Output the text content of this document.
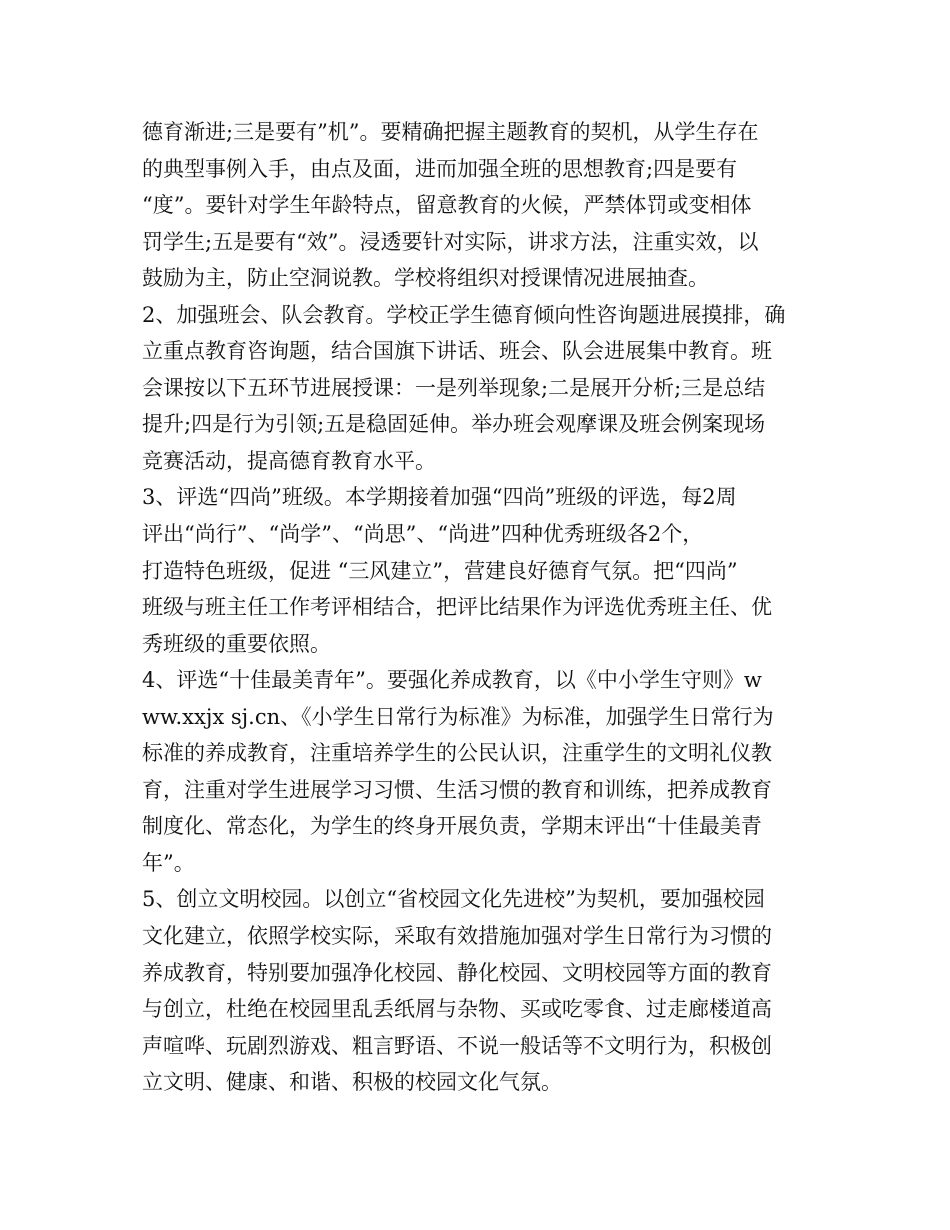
德育渐进;三是要有”机”。要精确把握主题教育的契机，从学生存在
的典型事例入手，由点及面，进而加强全班的思想教育;四是要有
“度”。要针对学生年龄特点，留意教育的火候，严禁体罚或变相体
罚学生;五是要有“效”。浸透要针对实际，讲求方法，注重实效，以
鼓励为主，防止空洞说教。学校将组织对授课情况进展抽查。
2、加强班会、队会教育。学校正学生德育倾向性咨询题进展摸排，确
立重点教育咨询题，结合国旗下讲话、班会、队会进展集中教育。班
会课按以下五环节进展授课：一是列举现象;二是展开分析;三是总结
提升;四是行为引领;五是稳固延伸。举办班会观摩课及班会例案现场
竞赛活动，提高德育教育水平。
3、评选“四尚”班级。本学期接着加强“四尚”班级的评选，每2周
评出“尚行”、“尚学”、“尚思”、“尚进”四种优秀班级各2个，
打造特色班级，促进 “三风建立”，营建良好德育气氛。把“四尚”
班级与班主任工作考评相结合，把评比结果作为评选优秀班主任、优
秀班级的重要依照。
4、评选“十佳最美青年”。要强化养成教育，以《中小学生守则》w
ww.xxjx sj.cn、《小学生日常行为标准》为标准，加强学生日常行为
标准的养成教育，注重培养学生的公民认识，注重学生的文明礼仪教
育，注重对学生进展学习习惯、生活习惯的教育和训练，把养成教育
制度化、常态化，为学生的终身开展负责，学期末评出“十佳最美青
年”。
5、创立文明校园。以创立“省校园文化先进校”为契机，要加强校园
文化建立，依照学校实际，采取有效措施加强对学生日常行为习惯的
养成教育，特别要加强净化校园、静化校园、文明校园等方面的教育
与创立，杜绝在校园里乱丢纸屑与杂物、买或吃零食、过走廊楼道高
声喧哗、玩剧烈游戏、粗言野语、不说一般话等不文明行为，积极创
立文明、健康、和谐、积极的校园文化气氛。
